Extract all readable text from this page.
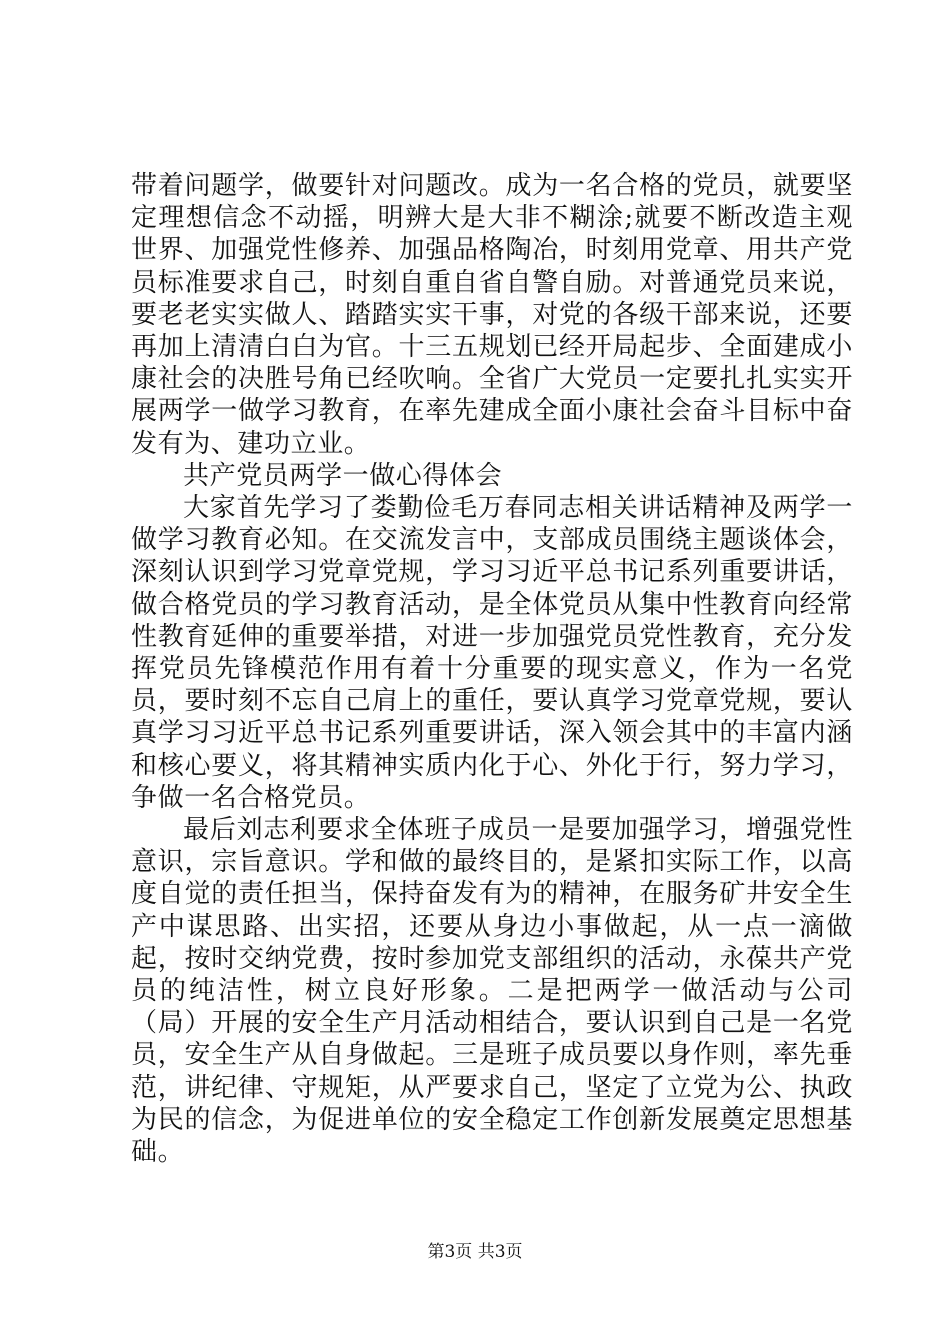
带着问题学，做要针对问题改。成为一名合格的党员，就要坚定理想信念不动摇，明辨大是大非不糊涂;就要不断改造主观世界、加强党性修养、加强品格陶冶，时刻用党章、用共产党员标准要求自己，时刻自重自省自警自励。对普通党员来说，要老老实实做人、踏踏实实干事，对党的各级干部来说，还要再加上清清白白为官。十三五规划已经开局起步、全面建成小康社会的决胜号角已经吹响。全省广大党员一定要扎扎实实开展两学一做学习教育，在率先建成全面小康社会奋斗目标中奋发有为、建功立业。

共产党员两学一做心得体会

大家首先学习了娄勤俭毛万春同志相关讲话精神及两学一做学习教育必知。在交流发言中，支部成员围绕主题谈体会，深刻认识到学习党章党规，学习习近平总书记系列重要讲话，做合格党员的学习教育活动，是全体党员从集中性教育向经常性教育延伸的重要举措，对进一步加强党员党性教育，充分发挥党员先锋模范作用有着十分重要的现实意义，作为一名党员，要时刻不忘自己肩上的重任，要认真学习党章党规，要认真学习习近平总书记系列重要讲话，深入领会其中的丰富内涵和核心要义，将其精神实质内化于心、外化于行，努力学习，争做一名合格党员。

最后刘志利要求全体班子成员一是要加强学习，增强党性意识，宗旨意识。学和做的最终目的，是紧扣实际工作，以高度自觉的责任担当，保持奋发有为的精神，在服务矿井安全生产中谋思路、出实招，还要从身边小事做起，从一点一滴做起，按时交纳党费，按时参加党支部组织的活动，永葆共产党员的纯洁性，树立良好形象。二是把两学一做活动与公司（局）开展的安全生产月活动相结合，要认识到自己是一名党员，安全生产从自身做起。三是班子成员要以身作则，率先垂范，讲纪律、守规矩，从严要求自己，坚定了立党为公、执政为民的信念，为促进单位的安全稳定工作创新发展奠定思想基础。

第3页 共3页
